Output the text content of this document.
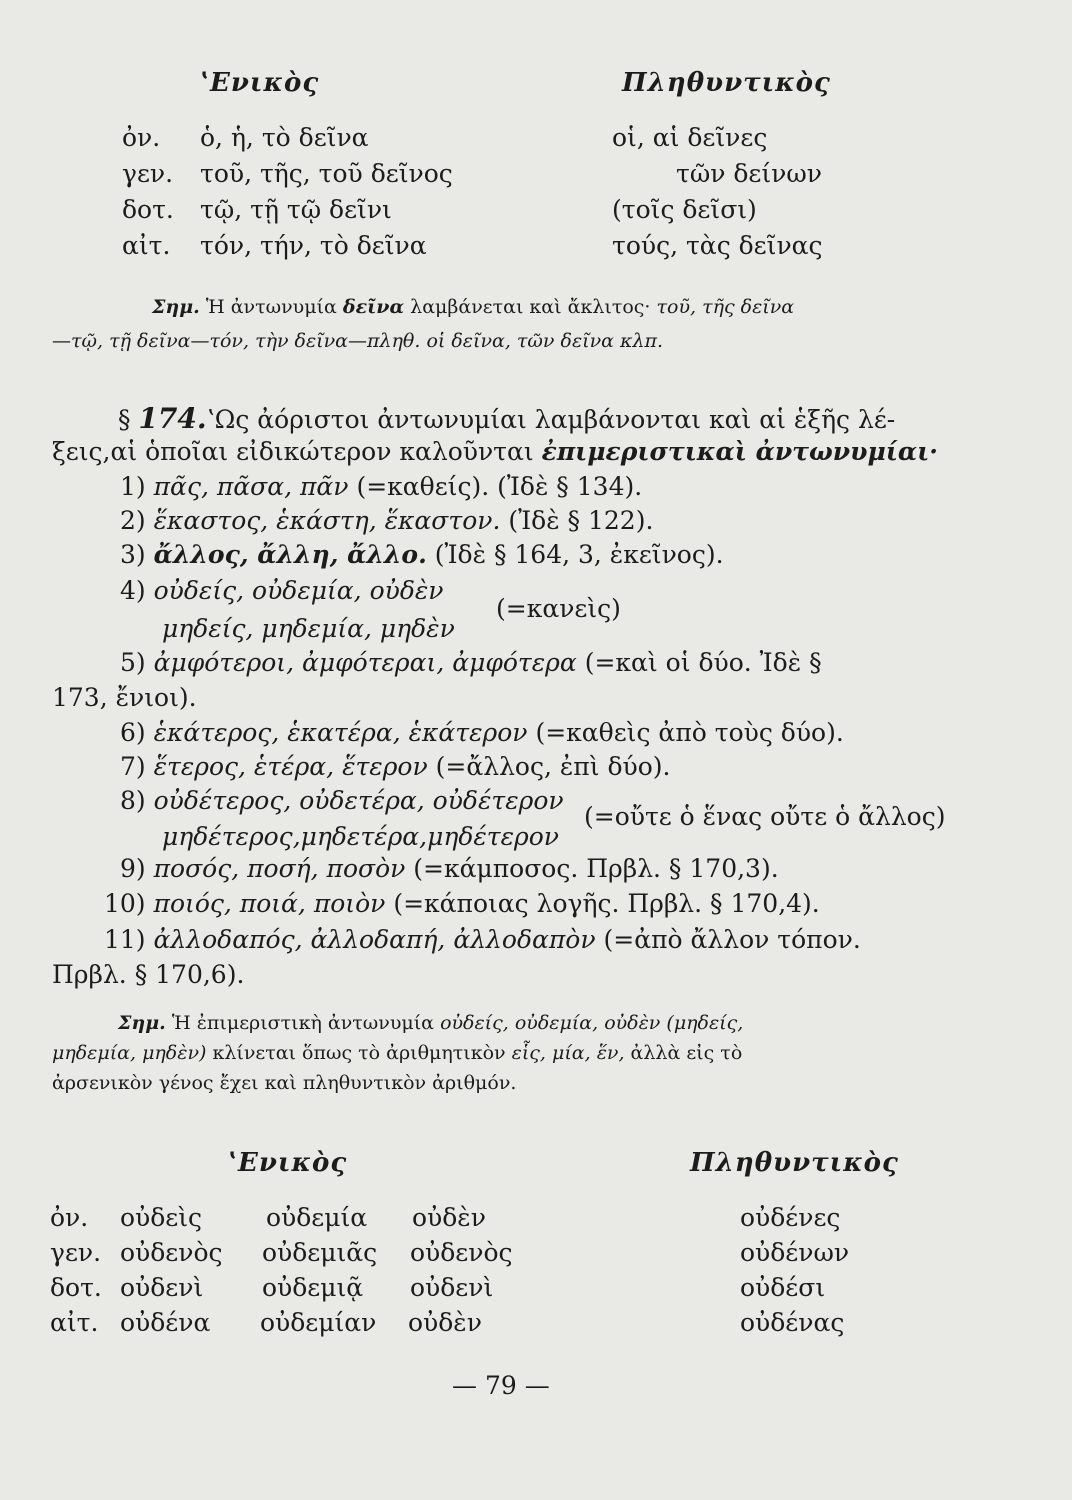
ʽΕνικὸς	Πληθυντικὸς
ὀν. ὁ, ἡ, τὸ δεῖνα	οἱ, αἱ δεῖνες
γεν. τοῦ, τῆς, τοῦ δεῖνος	τῶν δείνων
δοτ. τῷ, τῇ τῷ δεῖνι	(τοῖς δεῖσι)
αἰτ. τόν, τήν, τὸ δεῖνα	τούς, τὰς δεῖνας
Σημ. Ἡ ἀντωνυμία δεῖνα λαμβάνεται καὶ ἄκλιτος· τοῦ, τῆς δεῖνα
—τῷ, τῇ δεῖνα—τόν, τὴν δεῖνα—πληθ. οἱ δεῖνα, τῶν δεῖνα κλπ.
§ 174.ʽΩς ἀόριστοι ἀντωνυμίαι λαμβάνονται καὶ αἱ ἑξῆς λέ-
ξεις,αἱ ὁποῖαι εἰδικώτερον καλοῦνται ἐπιμεριστικαὶ ἀντωνυμίαι·
1) πᾶς, πᾶσα, πᾶν (=καθείς). (Ἰδὲ § 134).
2) ἕκαστος, ἑκάστη, ἕκαστον. (Ἰδὲ § 122).
3) ἄλλος, ἄλλη, ἄλλο. (Ἰδὲ § 164, 3, ἐκεῖνος).
4) οὐδείς, οὐδεμία, οὐδὲν
μηδείς, μηδεμία, μηδὲν
(=κανεὶς)
5) ἀμφότεροι, ἀμφότεραι, ἀμφότερα (=καὶ οἱ δύο. Ἰδὲ §
173, ἔνιοι).
6) ἑκάτερος, ἑκατέρα, ἑκάτερον (=καθεὶς ἀπὸ τοὺς δύο).
7) ἕτερος, ἑτέρα, ἕτερον (=ἄλλος, ἐπὶ δύο).
8) οὐδέτερος, οὐδετέρα, οὐδέτερον
μηδέτερος,μηδετέρα,μηδέτερον
(=οὔτε ὁ ἕνας οὔτε ὁ ἄλλος)
9) ποσός, ποσή, ποσὸν (=κάμποσος. Πρβλ. § 170,3).
10) ποιός, ποιά, ποιὸν (=κάποιας λογῆς. Πρβλ. § 170,4).
11) ἀλλοδαπός, ἀλλοδαπή, ἀλλοδαπὸν (=ἀπὸ ἄλλον τόπον.
Πρβλ. § 170,6).
Σημ. Ἡ ἐπιμεριστικὴ ἀντωνυμία οὐδείς, οὐδεμία, οὐδὲν (μηδείς,
μηδεμία, μηδὲν) κλίνεται ὅπως τὸ ἀριθμητικὸν εἷς, μία, ἕν, ἀλλὰ εἰς τὸ
ἀρσενικὸν γένος ἔχει καὶ πληθυντικὸν ἀριθμόν.
ʽΕνικὸς	Πληθυντικὸς
ὀν. οὐδεὶς	οὐδεμία οὐδὲν	οὐδένες
γεν. οὐδενὸς οὐδεμιᾶς οὐδενὸς	οὐδένων
δοτ. οὐδενὶ οὐδεμιᾷ οὐδενὶ	οὐδέσι
αἰτ. οὐδένα οὐδεμίαν οὐδὲν	οὐδένας
— 79 —
